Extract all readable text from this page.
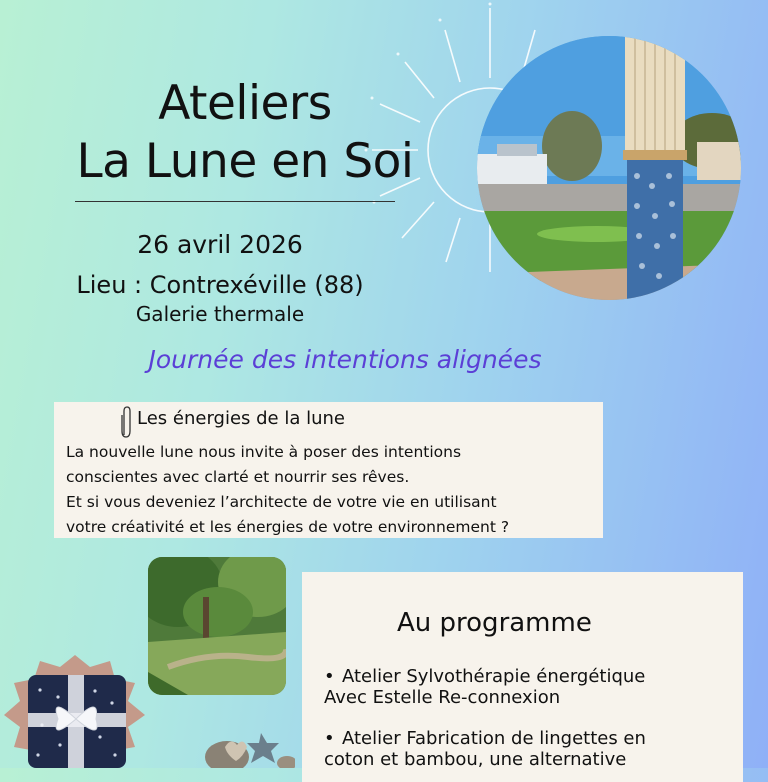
Ateliers
La Lune en Soi
26 avril 2026
Lieu : Contrexéville (88)
Galerie thermale
Journée des intentions alignées
Les énergies de la lune
La nouvelle lune nous invite à poser des intentions
conscientes avec clarté et nourrir ses rêves.
Et si vous deveniez l’architecte de votre vie en utilisant
votre créativité et les énergies de votre environnement ?
Au programme
• Atelier Sylvothérapie énergétique
Avec Estelle Re-connexion
• Atelier Fabrication de lingettes en
coton et bambou, une alternative
